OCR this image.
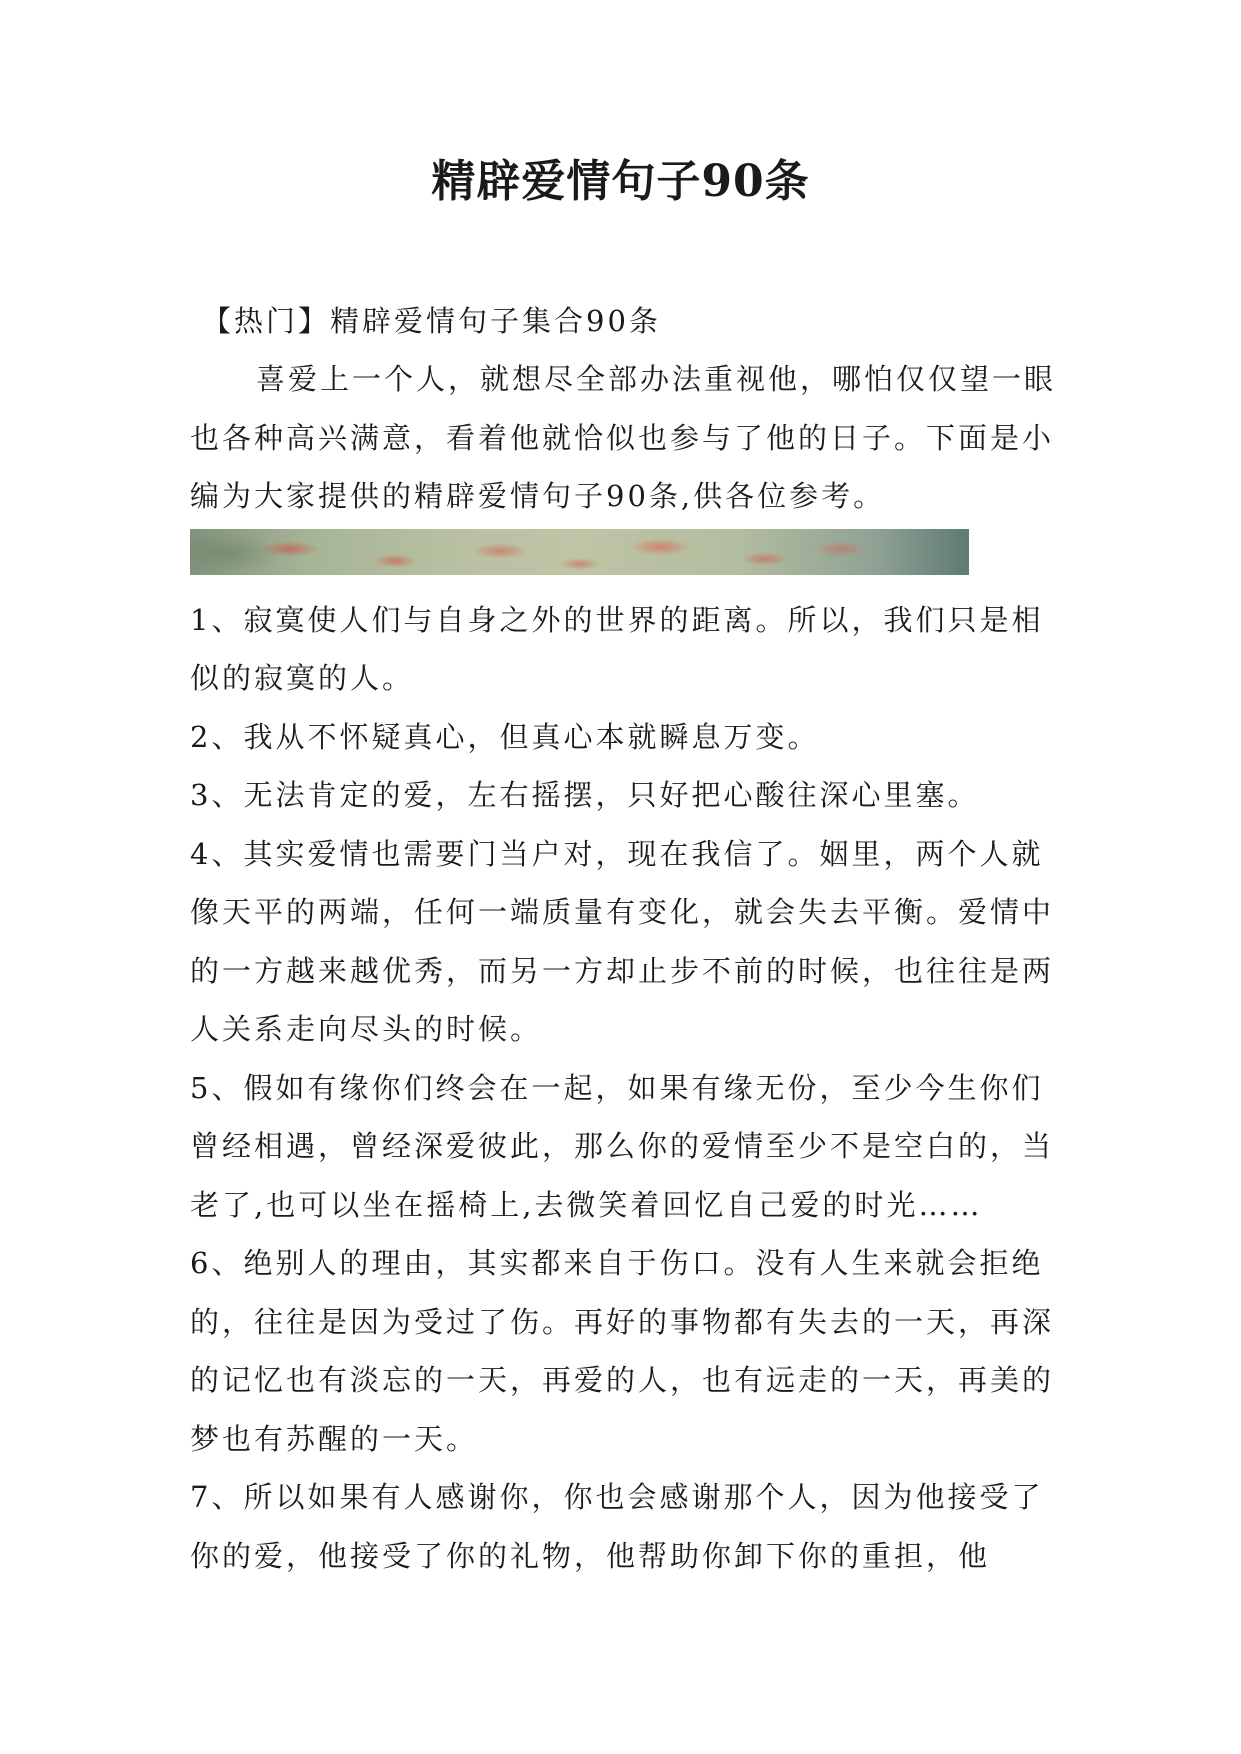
精辟爱情句子90条

【热门】精辟爱情句子集合90条

喜爱上一个人，就想尽全部办法重视他，哪怕仅仅望一眼也各种高兴满意，看着他就恰似也参与了他的日子。下面是小编为大家提供的精辟爱情句子90条,供各位参考。

1、寂寞使人们与自身之外的世界的距离。所以，我们只是相似的寂寞的人。
2、我从不怀疑真心，但真心本就瞬息万变。
3、无法肯定的爱，左右摇摆，只好把心酸往深心里塞。
4、其实爱情也需要门当户对，现在我信了。姻里，两个人就像天平的两端，任何一端质量有变化，就会失去平衡。爱情中的一方越来越优秀，而另一方却止步不前的时候，也往往是两人关系走向尽头的时候。
5、假如有缘你们终会在一起，如果有缘无份，至少今生你们曾经相遇，曾经深爱彼此，那么你的爱情至少不是空白的，当老了,也可以坐在摇椅上,去微笑着回忆自己爱的时光……
6、绝别人的理由，其实都来自于伤口。没有人生来就会拒绝的，往往是因为受过了伤。再好的事物都有失去的一天，再深的记忆也有淡忘的一天，再爱的人，也有远走的一天，再美的梦也有苏醒的一天。
7、所以如果有人感谢你，你也会感谢那个人，因为他接受了你的爱，他接受了你的礼物，他帮助你卸下你的重担，他
